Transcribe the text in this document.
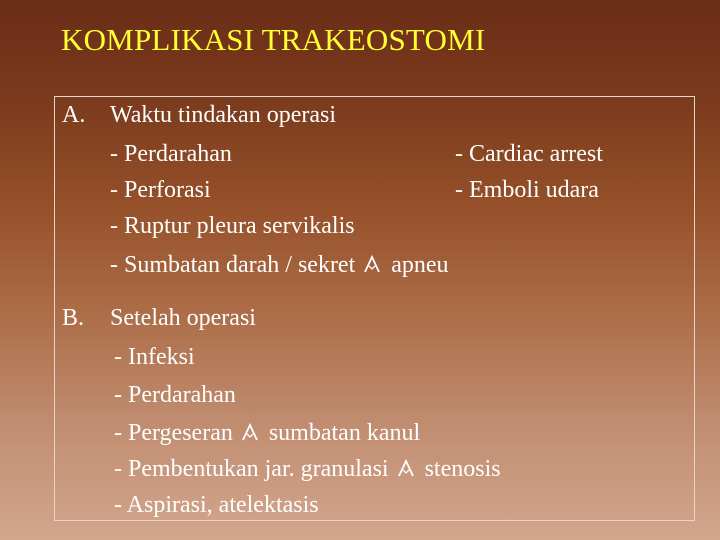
KOMPLIKASI TRAKEOSTOMI
A. Waktu tindakan operasi
- Perdarahan	- Cardiac arrest
- Perforasi	- Emboli udara
- Ruptur pleura servikalis
- Sumbatan darah / sekret apneu
B. Setelah operasi
- Infeksi
- Perdarahan
- Pergeseran sumbatan kanul
- Pembentukan jar. granulasi stenosis
- Aspirasi, atelektasis
